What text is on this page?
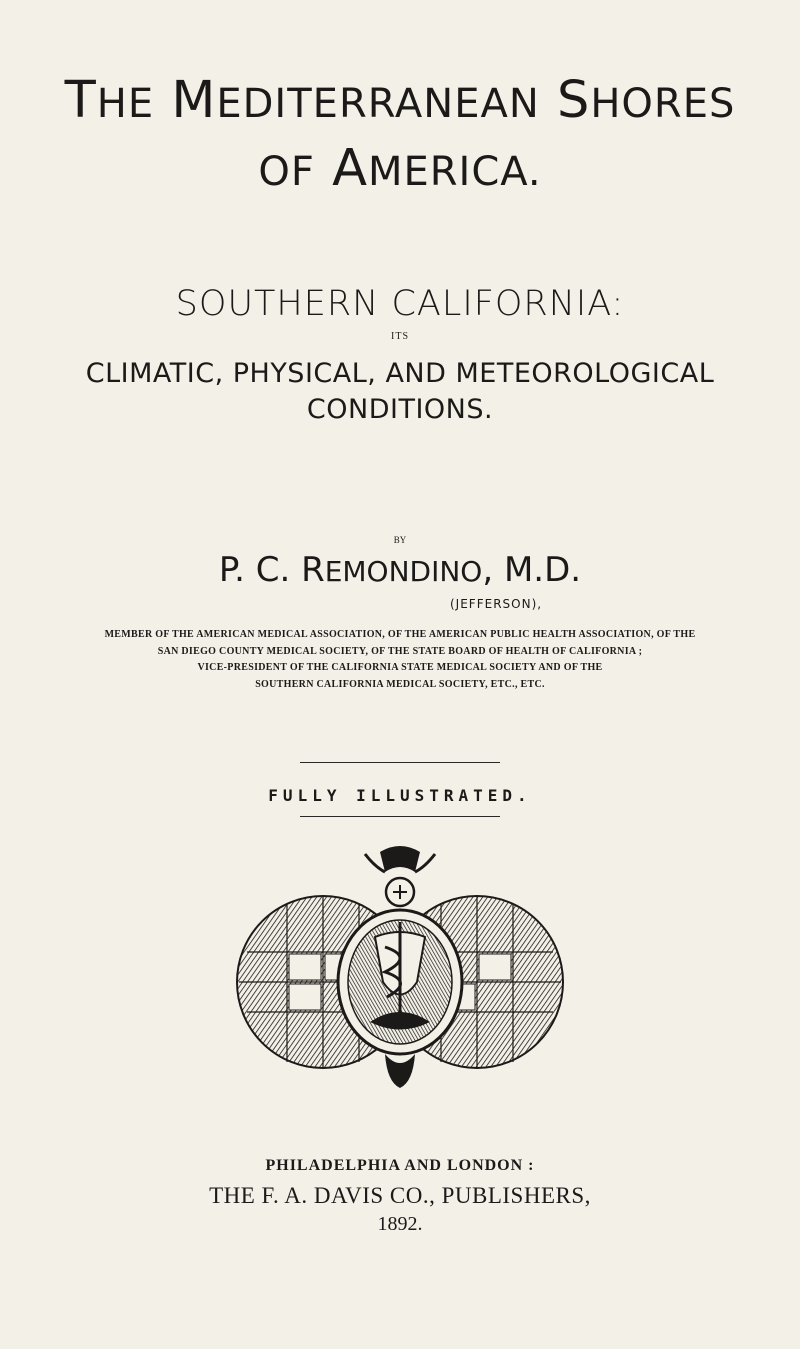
THE MEDITERRANEAN SHORES
OF AMERICA.
SOUTHERN CALIFORNIA:
ITS
CLIMATIC, PHYSICAL, AND METEOROLOGICAL
CONDITIONS.
BY
P. C. REMONDINO, M.D.
(JEFFERSON),
MEMBER OF THE AMERICAN MEDICAL ASSOCIATION, OF THE AMERICAN PUBLIC HEALTH ASSOCIATION, OF THE
SAN DIEGO COUNTY MEDICAL SOCIETY, OF THE STATE BOARD OF HEALTH OF CALIFORNIA ;
VICE-PRESIDENT OF THE CALIFORNIA STATE MEDICAL SOCIETY AND OF THE
SOUTHERN CALIFORNIA MEDICAL SOCIETY, ETC., ETC.
FULLY ILLUSTRATED.
PHILADELPHIA AND LONDON :
THE F. A. DAVIS CO., PUBLISHERS,
1892.
